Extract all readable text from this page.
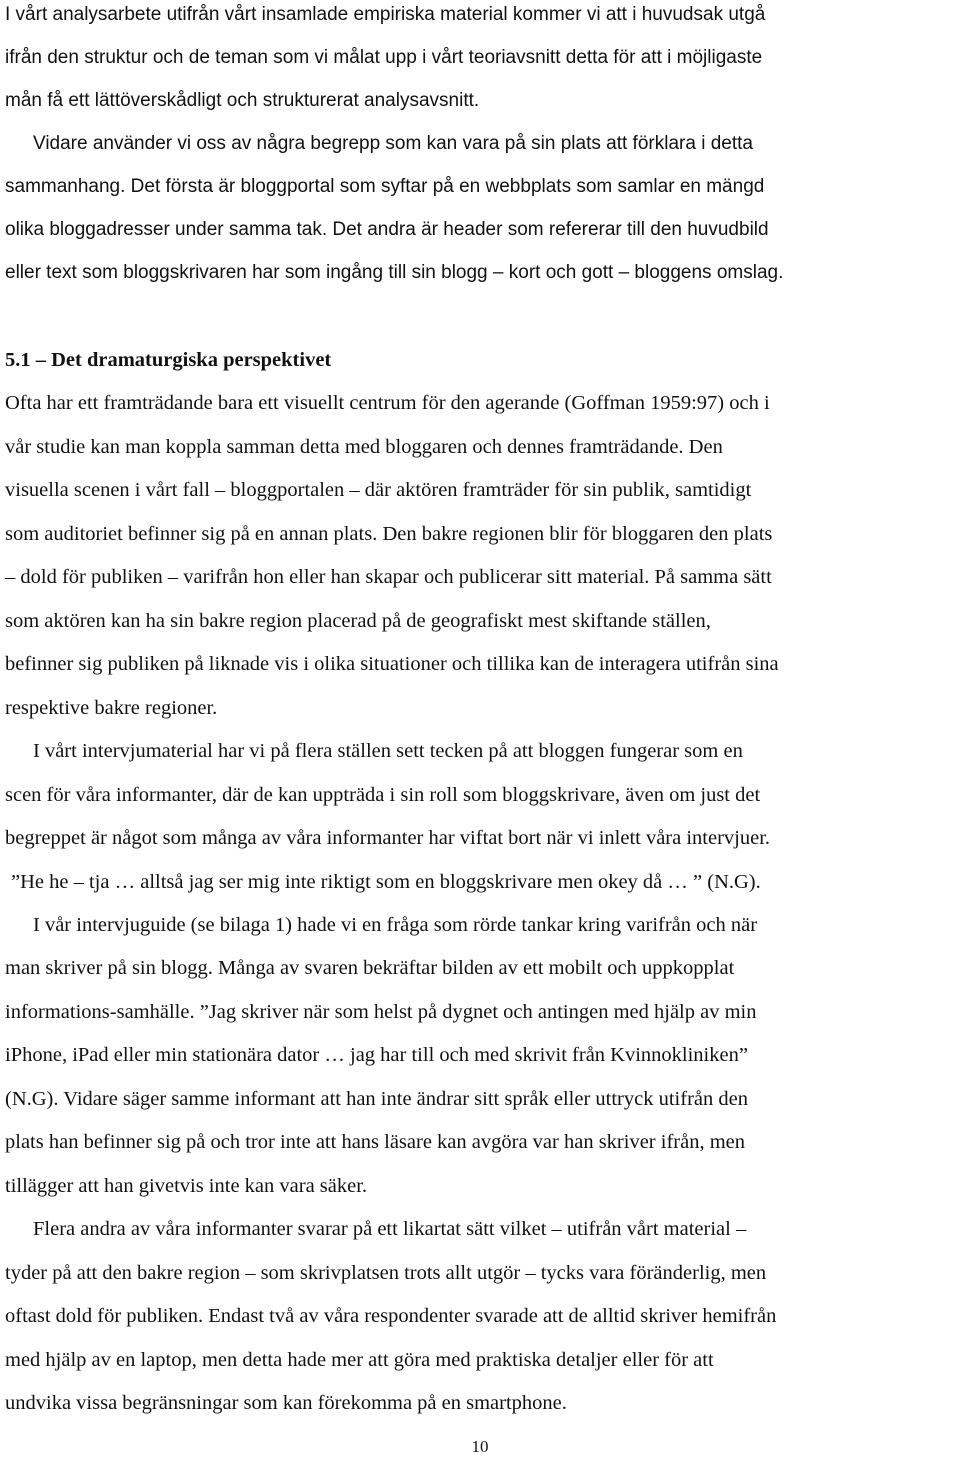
I vårt analysarbete utifrån vårt insamlade empiriska material kommer vi att i huvudsak utgå
ifrån den struktur och de teman som vi målat upp i vårt teoriavsnitt detta för att i möjligaste
mån få ett lättöverskådligt och strukturerat analysavsnitt.
Vidare använder vi oss av några begrepp som kan vara på sin plats att förklara i detta
sammanhang. Det första är bloggportal som syftar på en webbplats som samlar en mängd
olika bloggadresser under samma tak. Det andra är header som refererar till den huvudbild
eller text som bloggskrivaren har som ingång till sin blogg – kort och gott – bloggens omslag.
5.1 – Det dramaturgiska perspektivet
Ofta har ett framträdande bara ett visuellt centrum för den agerande (Goffman 1959:97) och i
vår studie kan man koppla samman detta med bloggaren och dennes framträdande. Den
visuella scenen i vårt fall – bloggportalen – där aktören framträder för sin publik, samtidigt
som auditoriet befinner sig på en annan plats. Den bakre regionen blir för bloggaren den plats
– dold för publiken – varifrån hon eller han skapar och publicerar sitt material. På samma sätt
som aktören kan ha sin bakre region placerad på de geografiskt mest skiftande ställen,
befinner sig publiken på liknade vis i olika situationer och tillika kan de interagera utifrån sina
respektive bakre regioner.
I vårt intervjumaterial har vi på flera ställen sett tecken på att bloggen fungerar som en
scen för våra informanter, där de kan uppträda i sin roll som bloggskrivare, även om just det
begreppet är något som många av våra informanter har viftat bort när vi inlett våra intervjuer.
”He he – tja … alltså jag ser mig inte riktigt som en bloggskrivare men okey då … ” (N.G).
I vår intervjuguide (se bilaga 1) hade vi en fråga som rörde tankar kring varifrån och när
man skriver på sin blogg. Många av svaren bekräftar bilden av ett mobilt och uppkopplat
informations-samhälle. ”Jag skriver när som helst på dygnet och antingen med hjälp av min
iPhone, iPad eller min stationära dator … jag har till och med skrivit från Kvinnokliniken”
(N.G). Vidare säger samme informant att han inte ändrar sitt språk eller uttryck utifrån den
plats han befinner sig på och tror inte att hans läsare kan avgöra var han skriver ifrån, men
tillägger att han givetvis inte kan vara säker.
Flera andra av våra informanter svarar på ett likartat sätt vilket – utifrån vårt material –
tyder på att den bakre region – som skrivplatsen trots allt utgör – tycks vara föränderlig, men
oftast dold för publiken. Endast två av våra respondenter svarade att de alltid skriver hemifrån
med hjälp av en laptop, men detta hade mer att göra med praktiska detaljer eller för att
undvika vissa begränsningar som kan förekomma på en smartphone.
10
